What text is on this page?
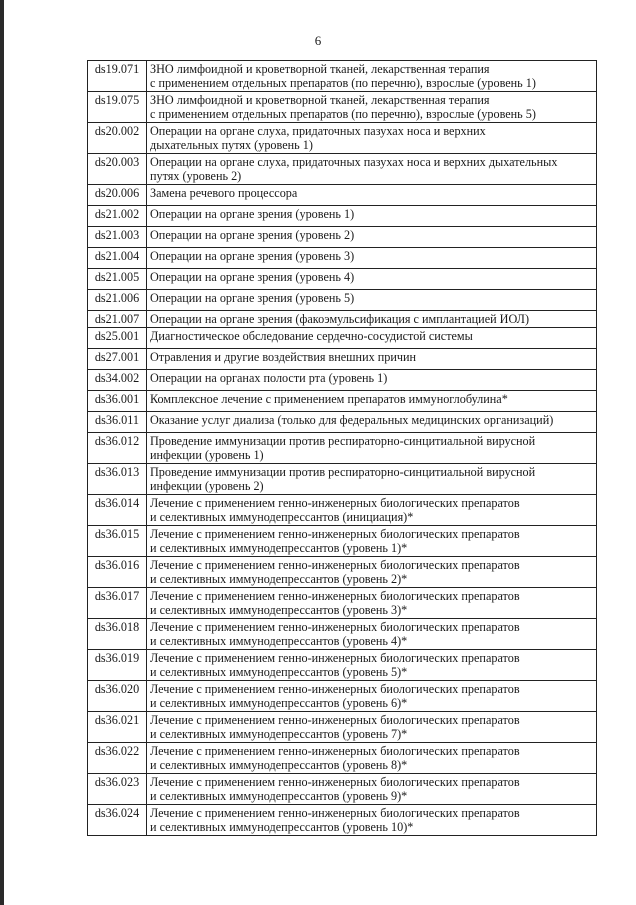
6
ds19.071	ЗНО лимфоидной и кроветворной тканей, лекарственная терапия
с применением отдельных препаратов (по перечню), взрослые (уровень 1)
ds19.075	ЗНО лимфоидной и кроветворной тканей, лекарственная терапия
с применением отдельных препаратов (по перечню), взрослые (уровень 5)
ds20.002	Операции на органе слуха, придаточных пазухах носа и верхних
дыхательных путях (уровень 1)
ds20.003	Операции на органе слуха, придаточных пазухах носа и верхних дыхательных
путях (уровень 2)
ds20.006	Замена речевого процессора
ds21.002	Операции на органе зрения (уровень 1)
ds21.003	Операции на органе зрения (уровень 2)
ds21.004	Операции на органе зрения (уровень 3)
ds21.005	Операции на органе зрения (уровень 4)
ds21.006	Операции на органе зрения (уровень 5)
ds21.007	Операции на органе зрения (факоэмульсификация с имплантацией ИОЛ)
ds25.001	Диагностическое обследование сердечно-сосудистой системы
ds27.001	Отравления и другие воздействия внешних причин
ds34.002	Операции на органах полости рта (уровень 1)
ds36.001	Комплексное лечение с применением препаратов иммуноглобулина*
ds36.011	Оказание услуг диализа (только для федеральных медицинских организаций)
ds36.012	Проведение иммунизации против респираторно-синцитиальной вирусной
инфекции (уровень 1)
ds36.013	Проведение иммунизации против респираторно-синцитиальной вирусной
инфекции (уровень 2)
ds36.014	Лечение с применением генно-инженерных биологических препаратов
и селективных иммунодепрессантов (инициация)*
ds36.015	Лечение с применением генно-инженерных биологических препаратов
и селективных иммунодепрессантов (уровень 1)*
ds36.016	Лечение с применением генно-инженерных биологических препаратов
и селективных иммунодепрессантов (уровень 2)*
ds36.017	Лечение с применением генно-инженерных биологических препаратов
и селективных иммунодепрессантов (уровень 3)*
ds36.018	Лечение с применением генно-инженерных биологических препаратов
и селективных иммунодепрессантов (уровень 4)*
ds36.019	Лечение с применением генно-инженерных биологических препаратов
и селективных иммунодепрессантов (уровень 5)*
ds36.020	Лечение с применением генно-инженерных биологических препаратов
и селективных иммунодепрессантов (уровень 6)*
ds36.021	Лечение с применением генно-инженерных биологических препаратов
и селективных иммунодепрессантов (уровень 7)*
ds36.022	Лечение с применением генно-инженерных биологических препаратов
и селективных иммунодепрессантов (уровень 8)*
ds36.023	Лечение с применением генно-инженерных биологических препаратов
и селективных иммунодепрессантов (уровень 9)*
ds36.024	Лечение с применением генно-инженерных биологических препаратов
и селективных иммунодепрессантов (уровень 10)*
